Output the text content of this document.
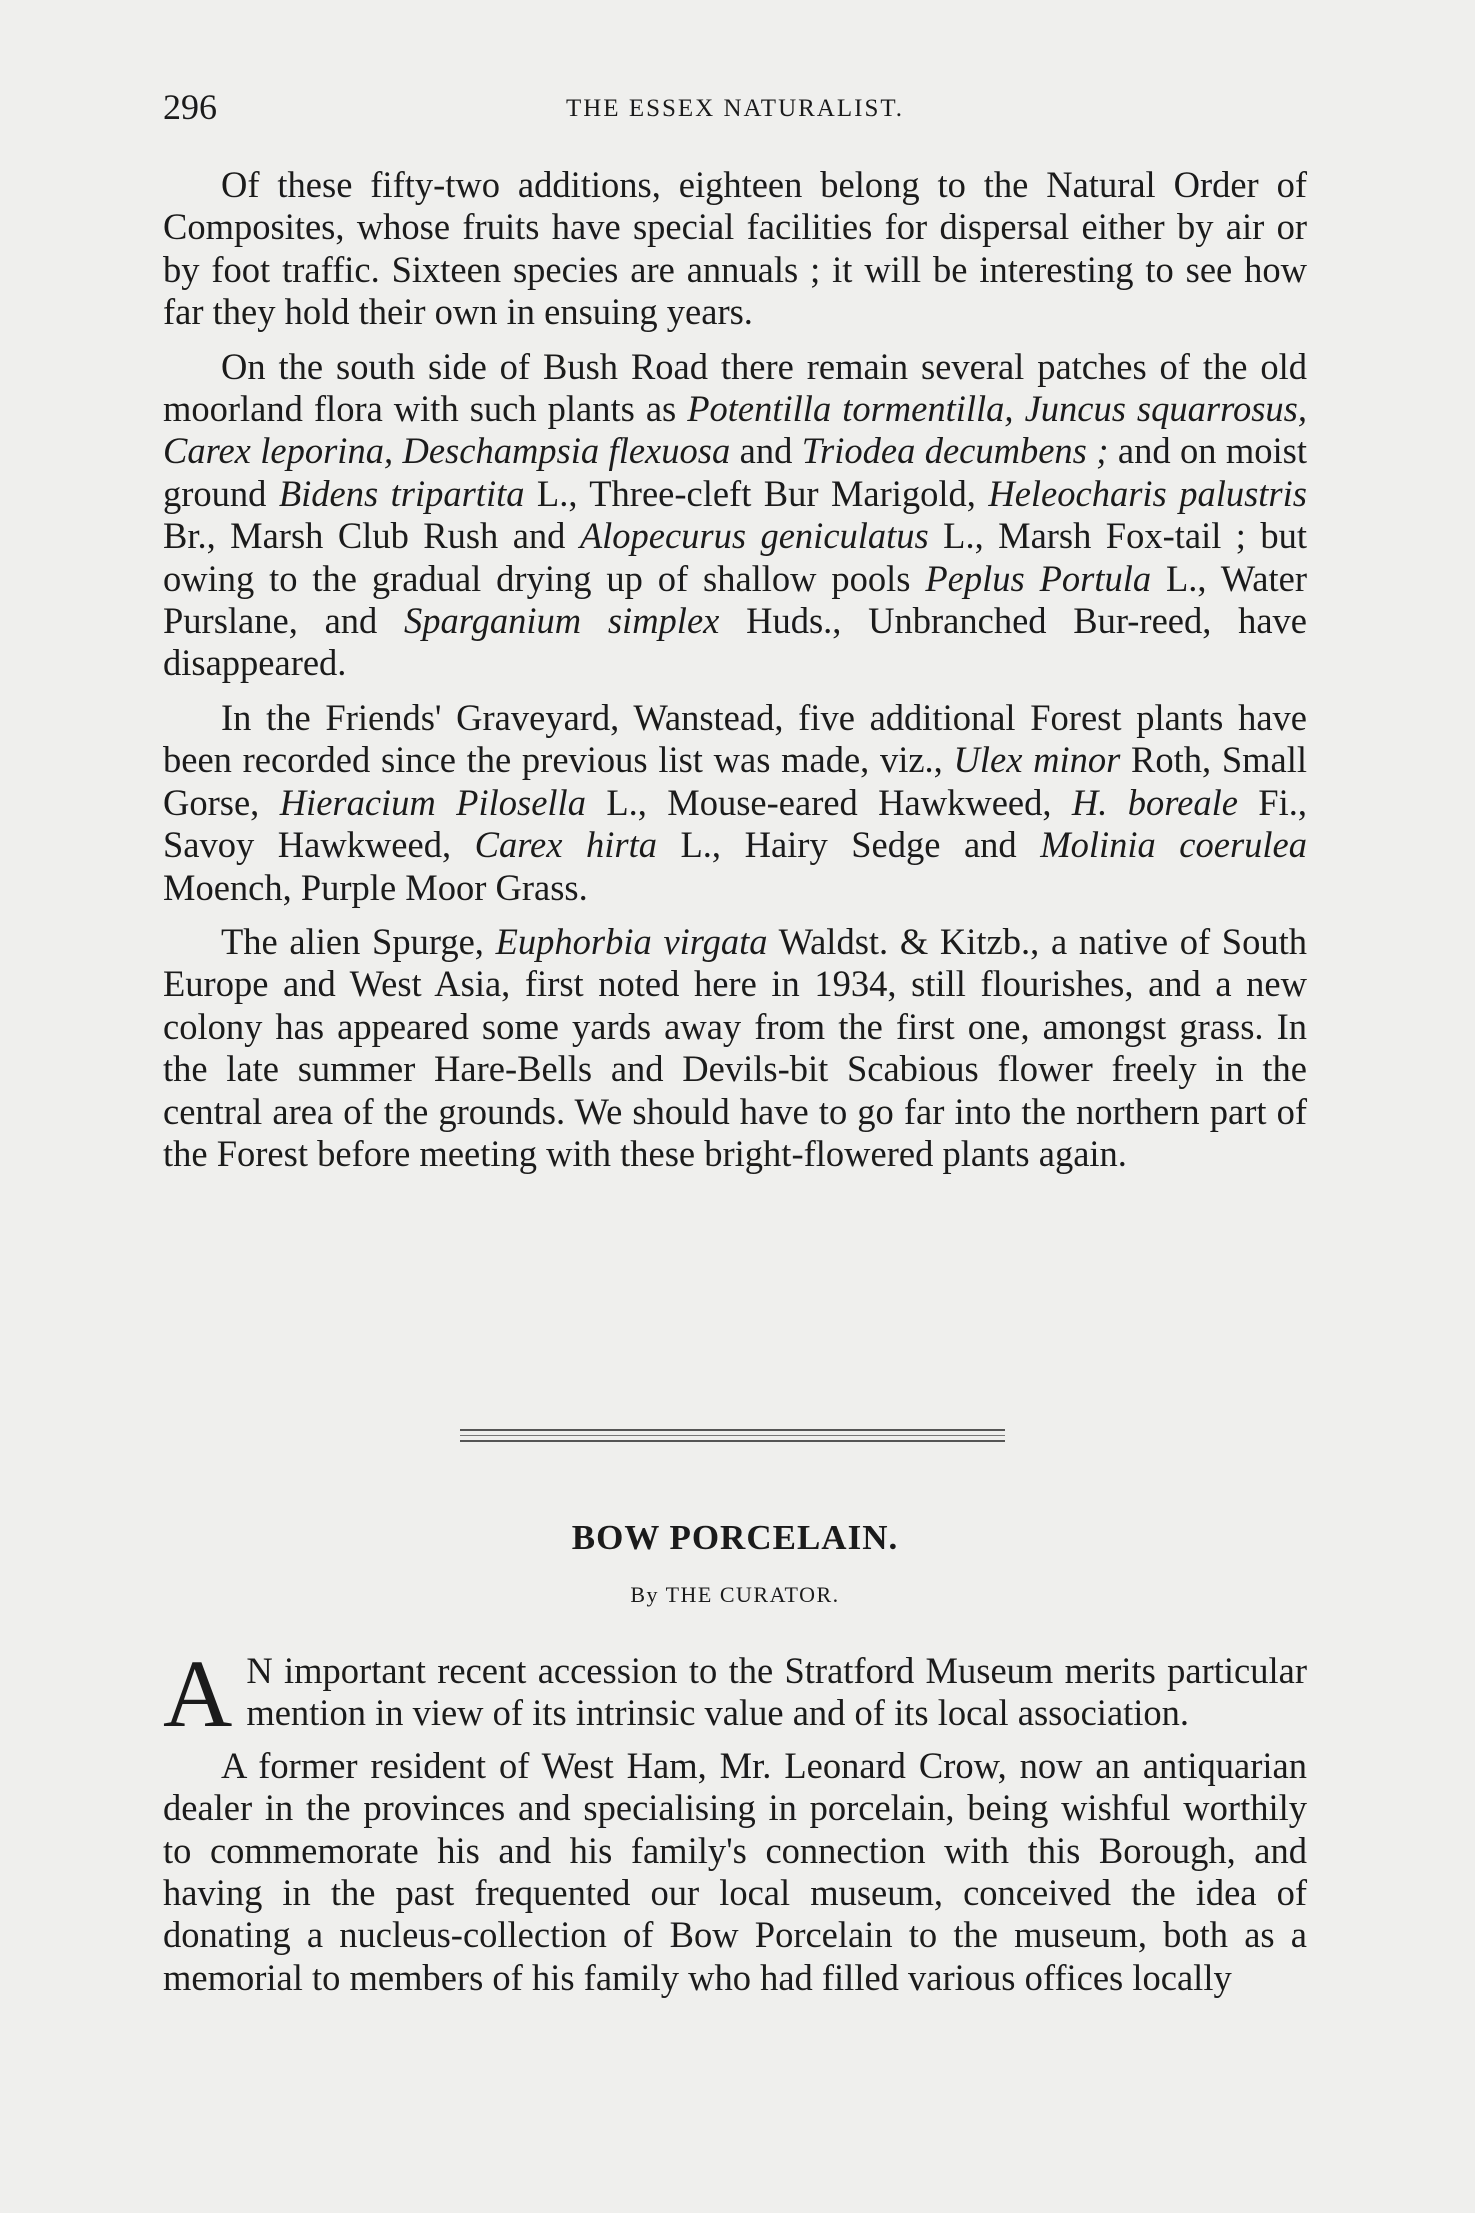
296	THE ESSEX NATURALIST.

Of these fifty-two additions, eighteen belong to the Natural Order of Composites, whose fruits have special facilities for dispersal either by air or by foot traffic. Sixteen species are annuals ; it will be interesting to see how far they hold their own in ensuing years.

On the south side of Bush Road there remain several patches of the old moorland flora with such plants as Potentilla tormentilla, Juncus squarrosus, Carex leporina, Deschampsia flexuosa and Triodea decumbens ; and on moist ground Bidens tripartita L., Three-cleft Bur Marigold, Heleocharis palustris Br., Marsh Club Rush and Alopecurus geniculatus L., Marsh Fox-tail ; but owing to the gradual drying up of shallow pools Peplus Portula L., Water Purslane, and Sparganium simplex Huds., Unbranched Bur-reed, have disappeared.

In the Friends' Graveyard, Wanstead, five additional Forest plants have been recorded since the previous list was made, viz., Ulex minor Roth, Small Gorse, Hieracium Pilosella L., Mouse-eared Hawkweed, H. boreale Fi., Savoy Hawkweed, Carex hirta L., Hairy Sedge and Molinia coerulea Moench, Purple Moor Grass.

The alien Spurge, Euphorbia virgata Waldst. & Kitzb., a native of South Europe and West Asia, first noted here in 1934, still flourishes, and a new colony has appeared some yards away from the first one, amongst grass. In the late summer Hare-Bells and Devils-bit Scabious flower freely in the central area of the grounds. We should have to go far into the northern part of the Forest before meeting with these bright-flowered plants again.

BOW PORCELAIN.
By THE CURATOR.

A N important recent accession to the Stratford Museum merits particular mention in view of its intrinsic value and of its local association.

A former resident of West Ham, Mr. Leonard Crow, now an antiquarian dealer in the provinces and specialising in porcelain, being wishful worthily to commemorate his and his family's connection with this Borough, and having in the past frequented our local museum, conceived the idea of donating a nucleus-collection of Bow Porcelain to the museum, both as a memorial to members of his family who had filled various offices locally
